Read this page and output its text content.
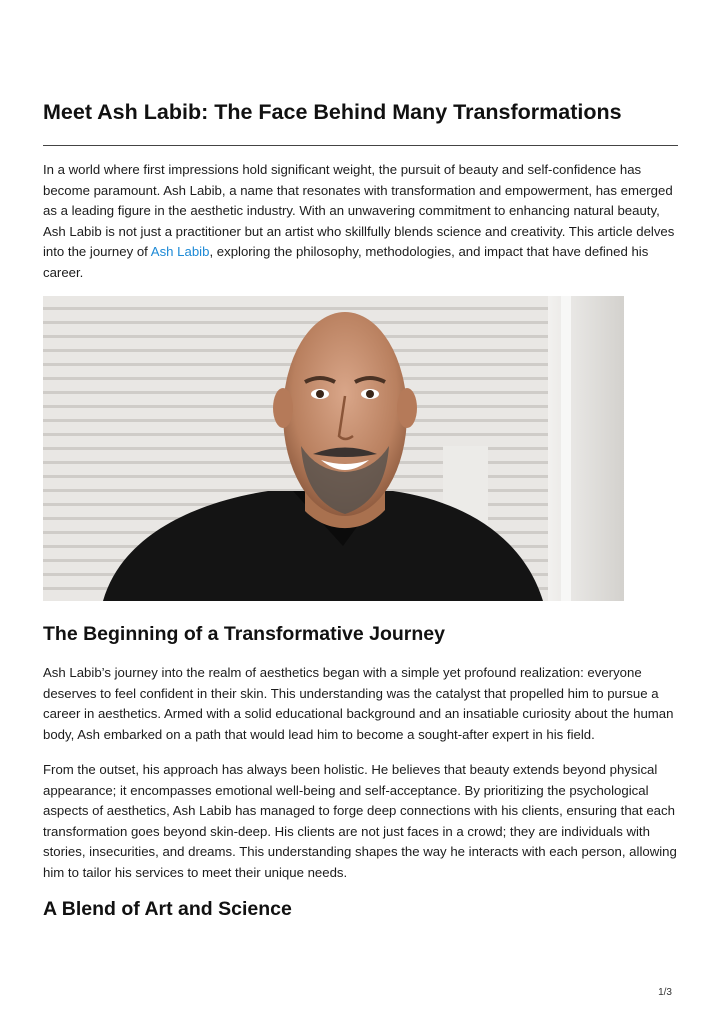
Meet Ash Labib: The Face Behind Many Transformations

In a world where first impressions hold significant weight, the pursuit of beauty and self-confidence has become paramount. Ash Labib, a name that resonates with transformation and empowerment, has emerged as a leading figure in the aesthetic industry. With an unwavering commitment to enhancing natural beauty, Ash Labib is not just a practitioner but an artist who skillfully blends science and creativity. This article delves into the journey of Ash Labib, exploring the philosophy, methodologies, and impact that have defined his career.

The Beginning of a Transformative Journey

Ash Labib’s journey into the realm of aesthetics began with a simple yet profound realization: everyone deserves to feel confident in their skin. This understanding was the catalyst that propelled him to pursue a career in aesthetics. Armed with a solid educational background and an insatiable curiosity about the human body, Ash embarked on a path that would lead him to become a sought-after expert in his field.

From the outset, his approach has always been holistic. He believes that beauty extends beyond physical appearance; it encompasses emotional well-being and self-acceptance. By prioritizing the psychological aspects of aesthetics, Ash Labib has managed to forge deep connections with his clients, ensuring that each transformation goes beyond skin-deep. His clients are not just faces in a crowd; they are individuals with stories, insecurities, and dreams. This understanding shapes the way he interacts with each person, allowing him to tailor his services to meet their unique needs.

A Blend of Art and Science
1/3
